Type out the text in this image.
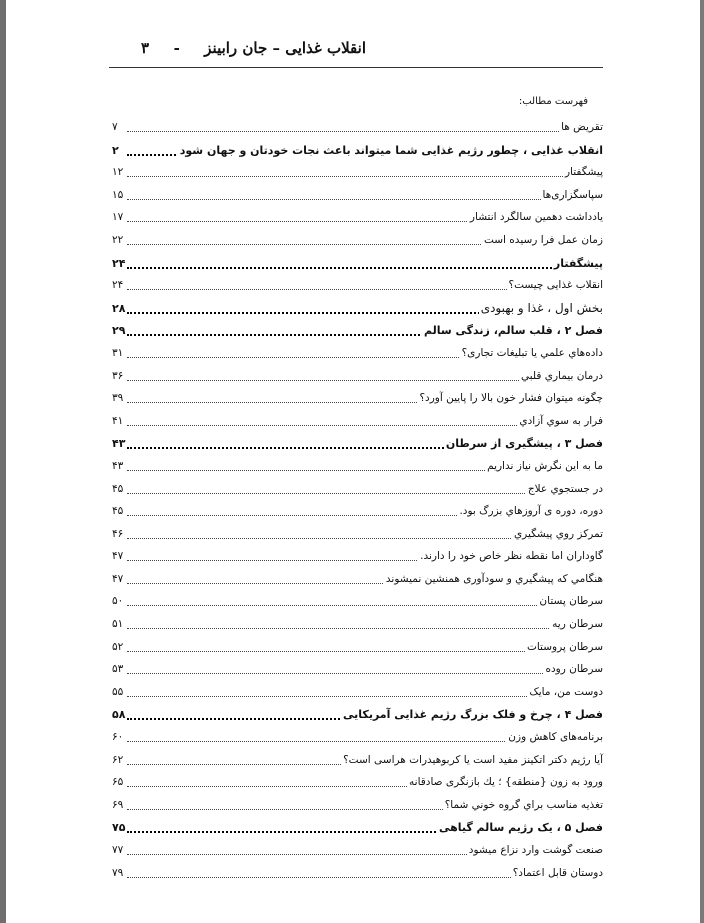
انقلاب غذایی – جان رابینز  -  ۳
فهرست مطالب:
تقریض ها
۷
انقلاب غذایی ، چطور رژیم غذایی شما میتواند باعث نجات خودتان و جهان شود
۲
پیشگفتار
۱۲
سپاسگزاری‌ها
۱۵
یادداشت دهمین سالگرد انتشار
۱۷
زمان عمل فرا رسیده است
۲۲
پیشگفتار
۲۴
انقلاب غذایی چیست؟
۲۴
بخش اول ، غذا و بهبودی
۲۸
فصل ۲ ، قلب سالم، زندگی سالم
۲۹
داده‌هاي علمي يا تبليغات تجاری؟
۳۱
درمان بیماري قلبي
۳۶
چگونه میتوان فشار خون بالا را پایین آورد؟
۳۹
فرار به سوي آزادي
۴۱
فصل ۳ ، پیشگیری از سرطان
۴۳
ما به این نگرش نیاز نداریم
۴۳
در جستجوي علاج
۴۵
دوره، دوره ی آروزهاي بزرگ بود.
۴۵
تمرکز روي پيشگيري
۴۶
گاوداران اما نقطه نظر خاص خود را دارند.
۴۷
هنگامي که پيشگيري و سودآوری همنشين نميشوند
۴۷
سرطان پستان
۵۰
سرطان ریه
۵۱
سرطان پروستات
۵۲
سرطان روده
۵۳
دوست من، مایک
۵۵
فصل ۴ ، چرخ و فلک بزرگ رژیم غذایی آمریکایی
۵۸
برنامه‌های کاهش وزن
۶۰
آیا رژیم دکتر اتکینز مفید است یا کربوهیدرات هراسی است؟
۶۲
ورود به زون {منطقه} ؛ یك بازنگری صادقانه
۶۵
تغذیه مناسب براي گروه خوني شما؟
۶۹
فصل ۵ ، یک رژیم سالم گیاهی
۷۵
صنعت گوشت وارد نزاع میشود
۷۷
دوستان قابل اعتماد؟
۷۹
